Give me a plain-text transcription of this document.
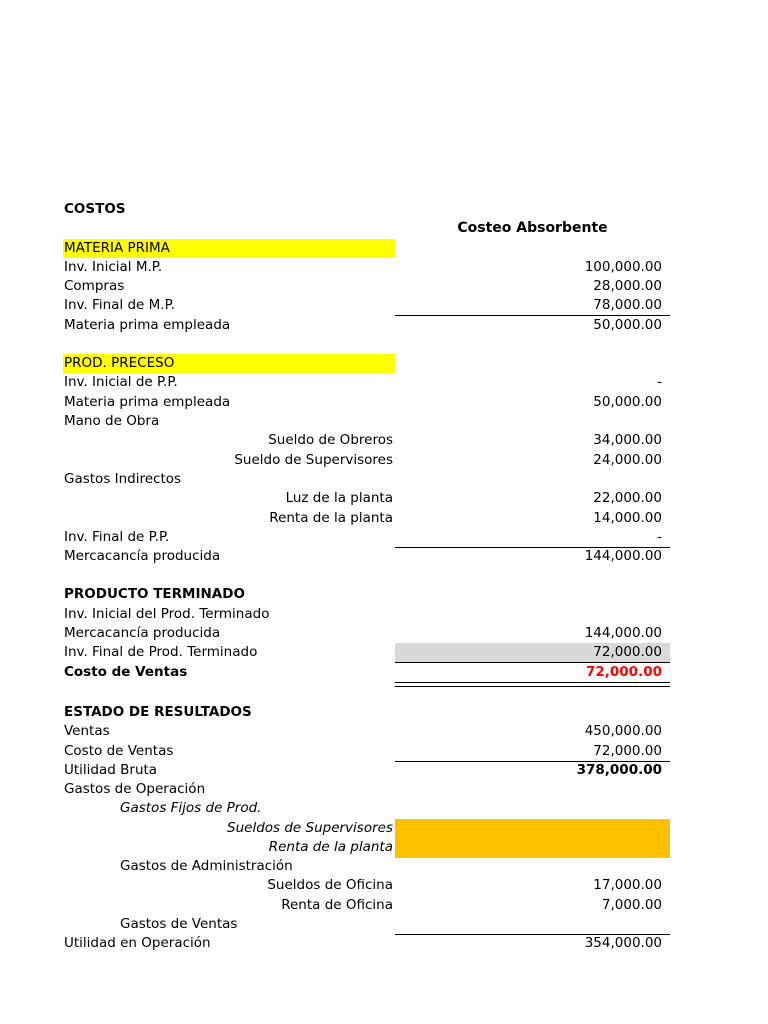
COSTOS
Costeo Absorbente
MATERIA PRIMA
Inv. Inicial M.P.	100,000.00
Compras	28,000.00
Inv. Final de M.P.	78,000.00
Materia prima empleada	50,000.00
PROD. PRECESO
Inv. Inicial de P.P.	-
Materia prima empleada	50,000.00
Mano de Obra
Sueldo de Obreros	34,000.00
Sueldo de Supervisores	24,000.00
Gastos Indirectos
Luz de la planta	22,000.00
Renta de la planta	14,000.00
Inv. Final de P.P.	-
Mercacancía producida	144,000.00
PRODUCTO TERMINADO
Inv. Inicial del Prod. Terminado
Mercacancía producida	144,000.00
Inv. Final de Prod. Terminado	72,000.00
Costo de Ventas	72,000.00
ESTADO DE RESULTADOS
Ventas	450,000.00
Costo de Ventas	72,000.00
Utilidad Bruta	378,000.00
Gastos de Operación
Gastos Fijos de Prod.
Sueldos de Supervisores
Renta de la planta
Gastos de Administración
Sueldos de Oficina	17,000.00
Renta de Oficina	7,000.00
Gastos de Ventas
Utilidad en Operación	354,000.00
